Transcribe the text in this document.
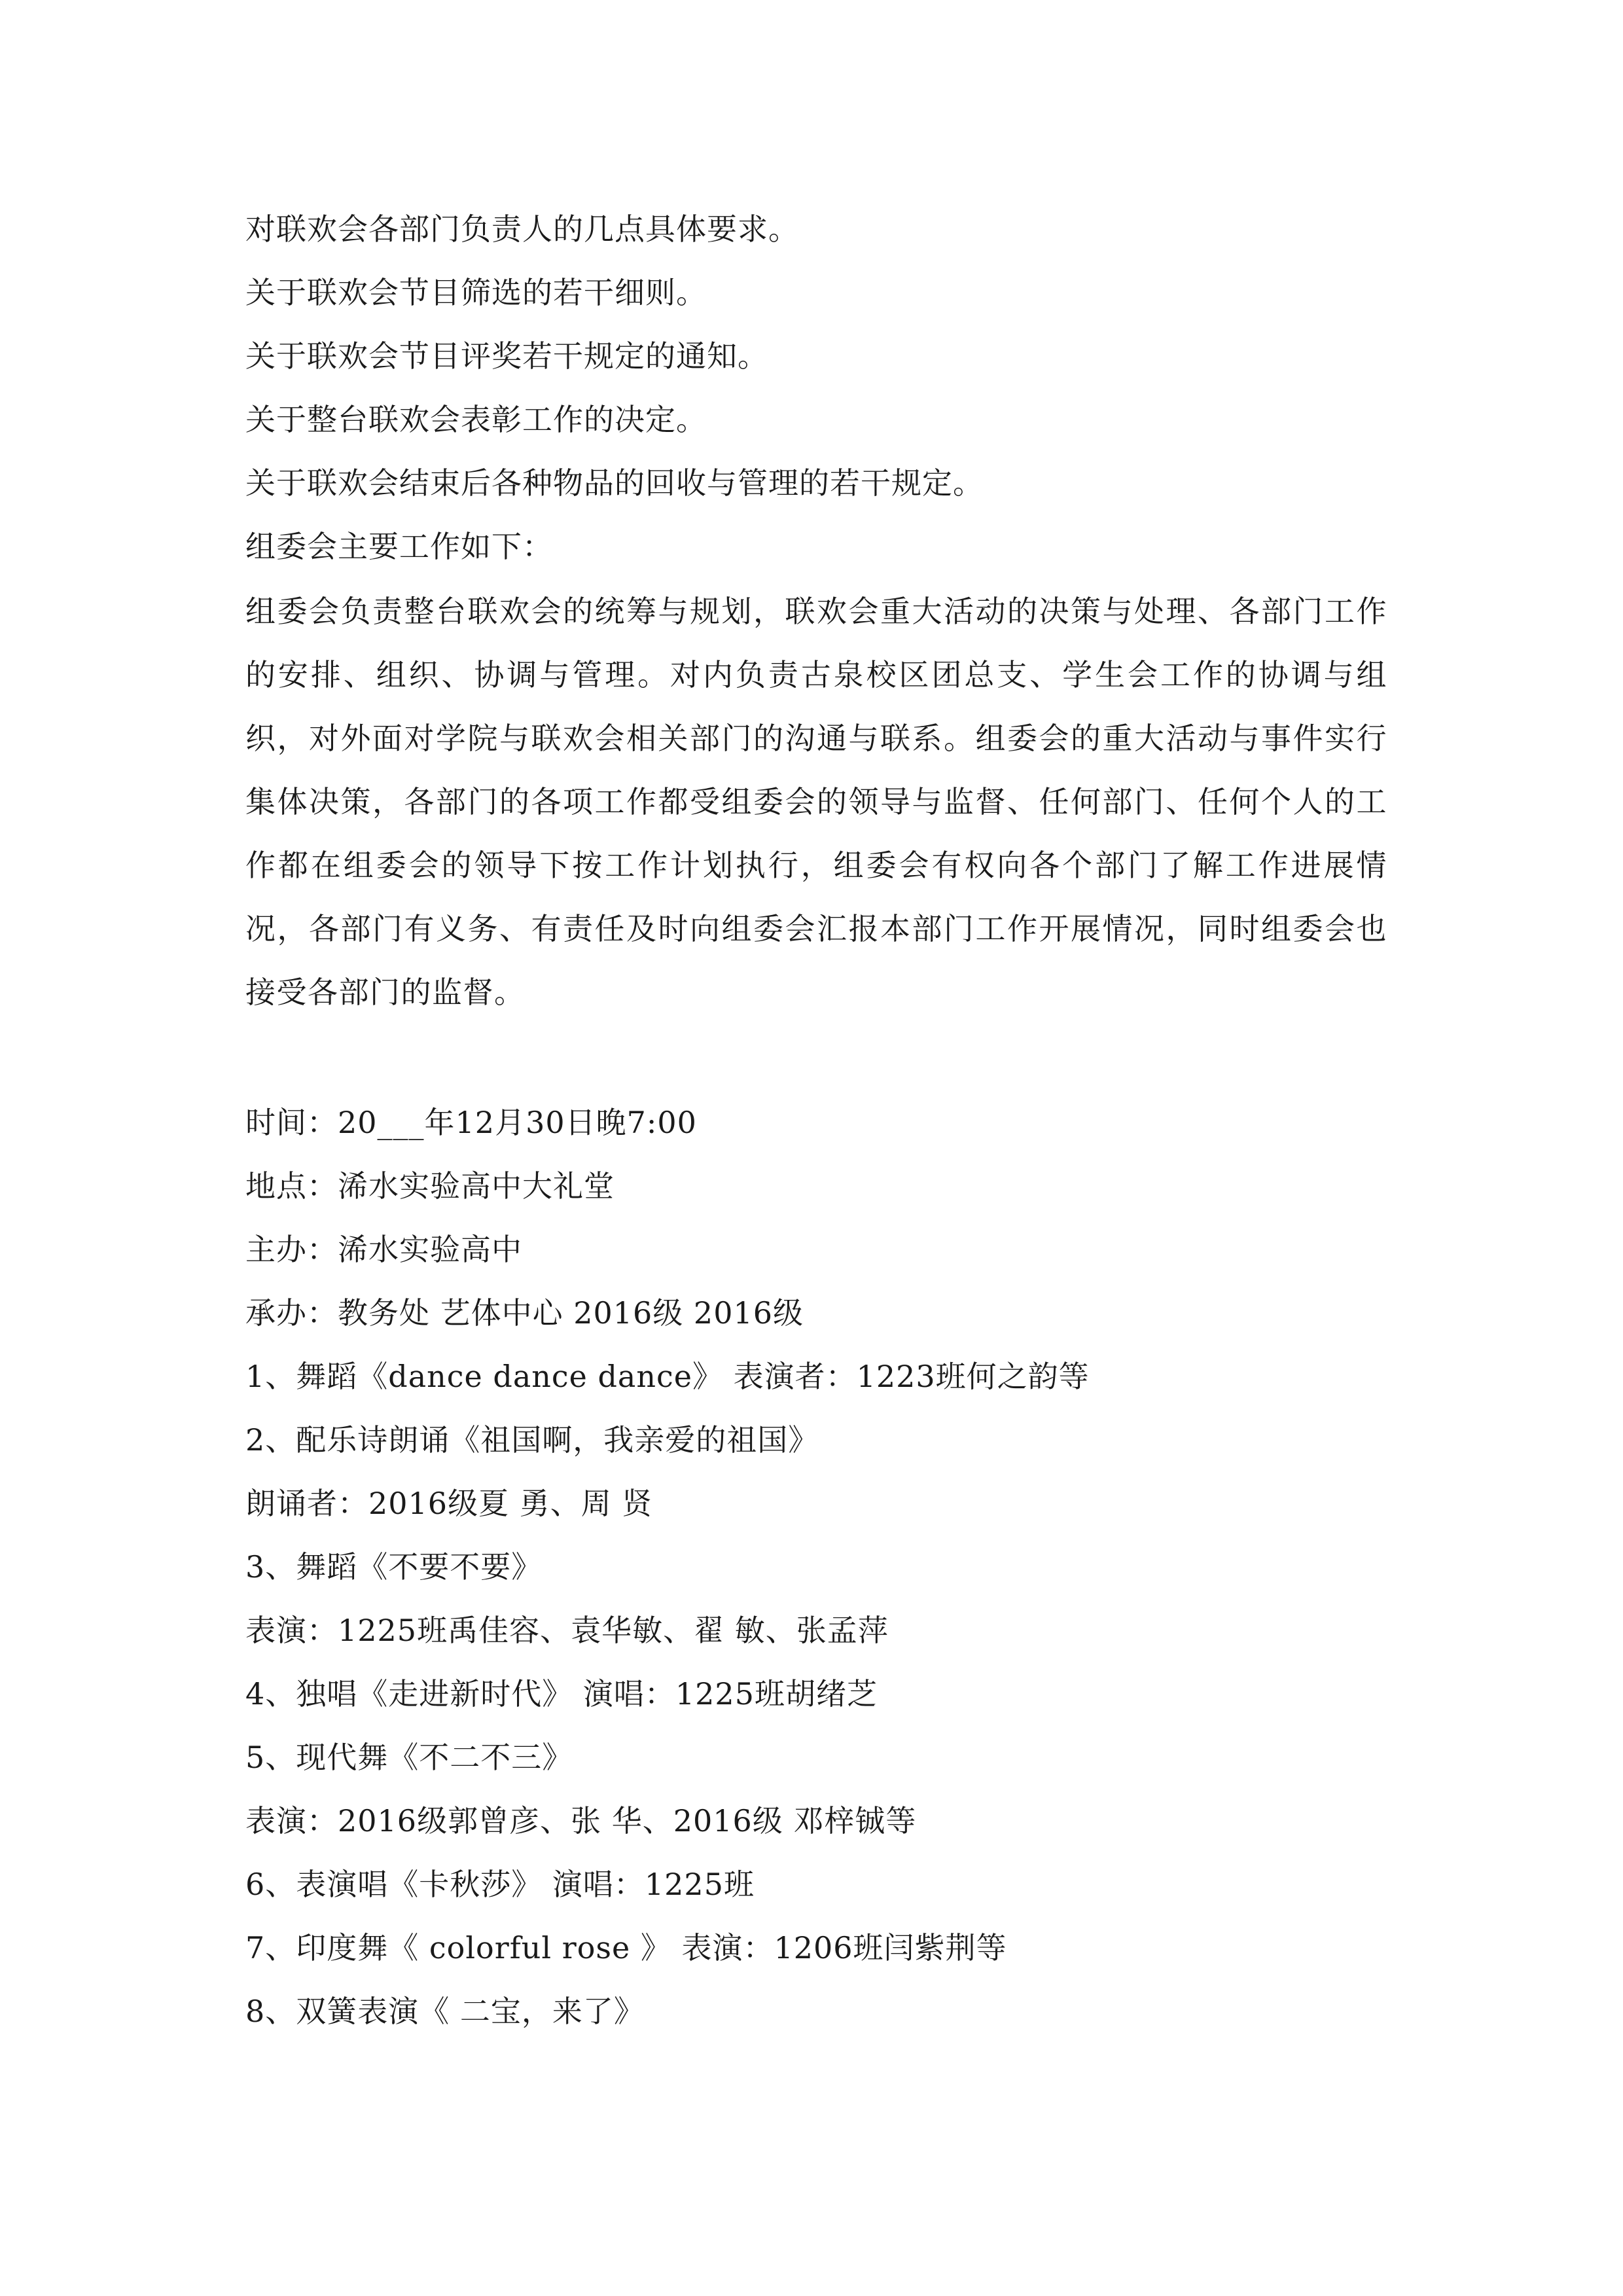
对联欢会各部门负责人的几点具体要求。
关于联欢会节目筛选的若干细则。
关于联欢会节目评奖若干规定的通知。
关于整台联欢会表彰工作的决定。
关于联欢会结束后各种物品的回收与管理的若干规定。
组委会主要工作如下：
组委会负责整台联欢会的统筹与规划，联欢会重大活动的决策与处理、各部门工作的安排、组织、协调与管理。对内负责古泉校区团总支、学生会工作的协调与组织，对外面对学院与联欢会相关部门的沟通与联系。组委会的重大活动与事件实行集体决策，各部门的各项工作都受组委会的领导与监督、任何部门、任何个人的工作都在组委会的领导下按工作计划执行，组委会有权向各个部门了解工作进展情况，各部门有义务、有责任及时向组委会汇报本部门工作开展情况，同时组委会也接受各部门的监督。
时间：20___年12月30日晚7:00
地点：浠水实验高中大礼堂
主办：浠水实验高中
承办：教务处 艺体中心 2016级 2016级
1、舞蹈《dance dance dance》 表演者：1223班何之韵等
2、配乐诗朗诵《祖国啊，我亲爱的祖国》
朗诵者：2016级夏 勇、周 贤
3、舞蹈《不要不要》
表演：1225班禹佳容、袁华敏、翟 敏、张孟萍
4、独唱《走进新时代》 演唱：1225班胡绪芝
5、现代舞《不二不三》
表演：2016级郭曾彦、张 华、2016级 邓梓铖等
6、表演唱《卡秋莎》 演唱：1225班
7、印度舞《 colorful rose 》 表演：1206班闫紫荆等
8、双簧表演《 二宝，来了》
